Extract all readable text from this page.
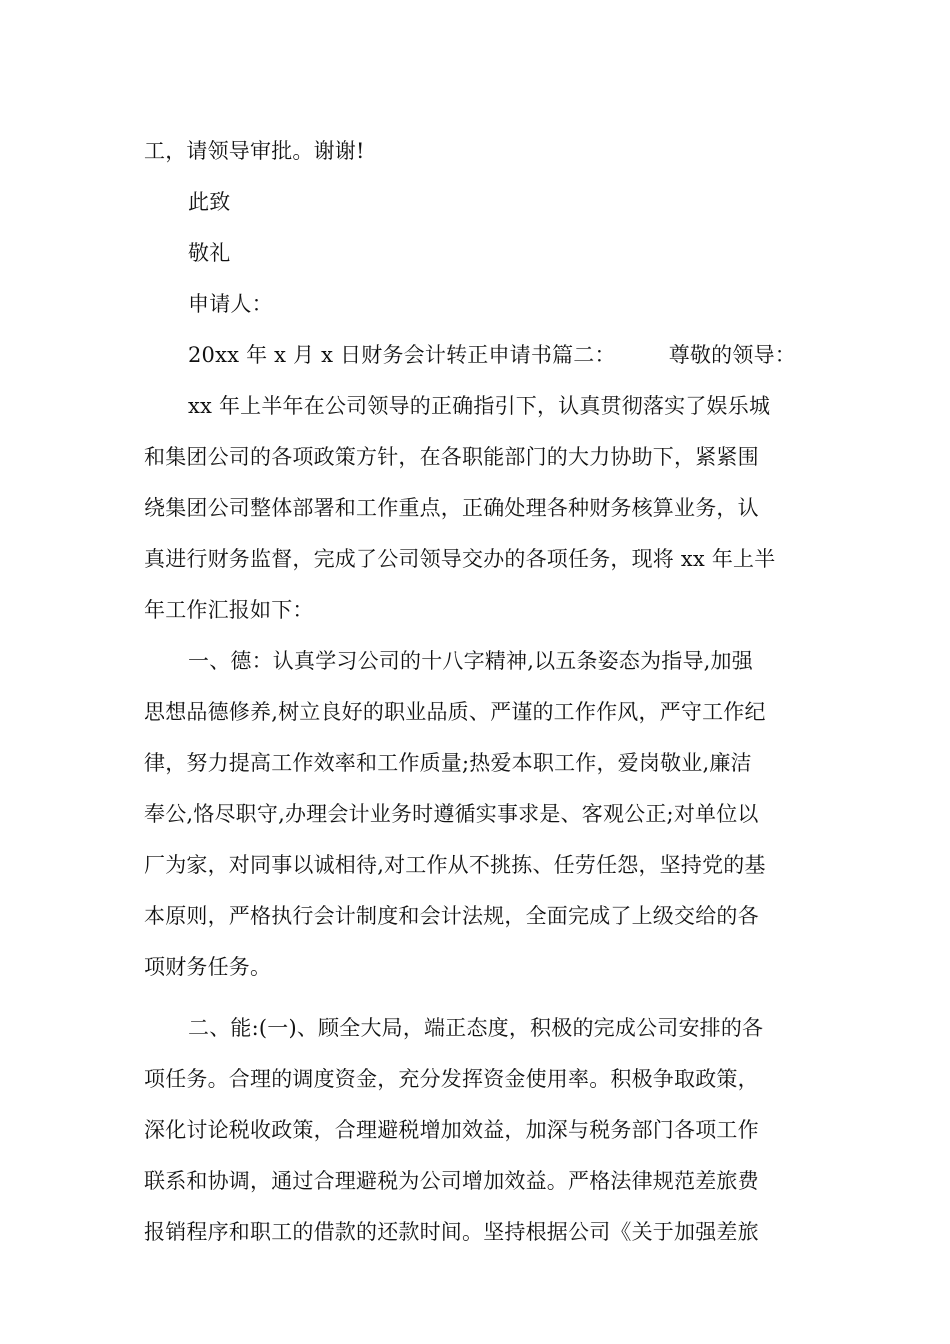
工，请领导审批。谢谢!
此致
敬礼
申请人：
20xx 年 x 月 x 日财务会计转正申请书篇二：　　　尊敬的领导：
xx 年上半年在公司领导的正确指引下，认真贯彻落实了娱乐城
和集团公司的各项政策方针，在各职能部门的大力协助下，紧紧围
绕集团公司整体部署和工作重点，正确处理各种财务核算业务，认
真进行财务监督，完成了公司领导交办的各项任务，现将 xx 年上半
年工作汇报如下：
一、德：认真学习公司的十八字精神,以五条姿态为指导,加强
思想品德修养,树立良好的职业品质、严谨的工作作风，严守工作纪
律，努力提高工作效率和工作质量;热爱本职工作，爱岗敬业,廉洁
奉公,恪尽职守,办理会计业务时遵循实事求是、客观公正;对单位以
厂为家，对同事以诚相待,对工作从不挑拣、任劳任怨，坚持党的基
本原则，严格执行会计制度和会计法规，全面完成了上级交给的各
项财务任务。
二、能:(一)、顾全大局，端正态度，积极的完成公司安排的各
项任务。合理的调度资金，充分发挥资金使用率。积极争取政策，
深化讨论税收政策，合理避税增加效益，加深与税务部门各项工作
联系和协调，通过合理避税为公司增加效益。严格法律规范差旅费
报销程序和职工的借款的还款时间。坚持根据公司《关于加强差旅
